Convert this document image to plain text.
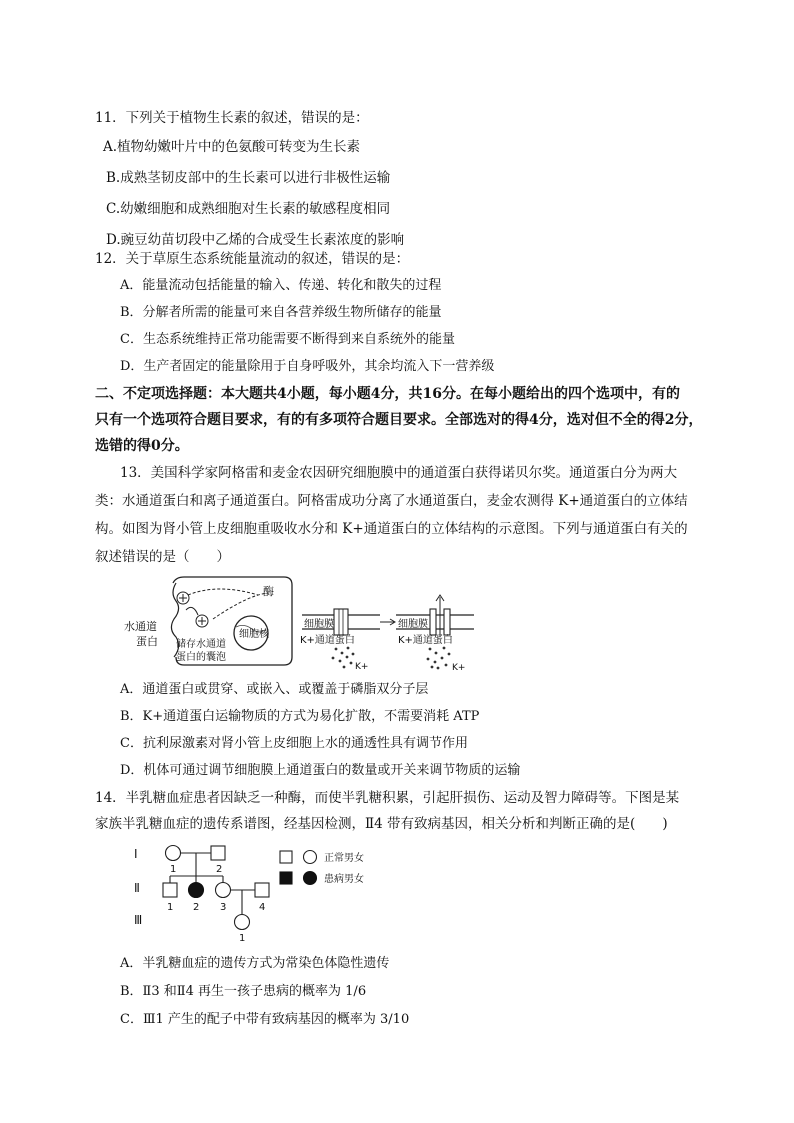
11．下列关于植物生长素的叙述，错误的是：
A.植物幼嫩叶片中的色氨酸可转变为生长素
B.成熟茎韧皮部中的生长素可以进行非极性运输
C.幼嫩细胞和成熟细胞对生长素的敏感程度相同
D.豌豆幼苗切段中乙烯的合成受生长素浓度的影响
12．关于草原生态系统能量流动的叙述，错误的是：
A．能量流动包括能量的输入、传递、转化和散失的过程
B．分解者所需的能量可来自各营养级生物所储存的能量
C．生态系统维持正常功能需要不断得到来自系统外的能量
D．生产者固定的能量除用于自身呼吸外，其余均流入下一营养级
二、不定项选择题：本大题共4小题，每小题4分，共16分。在每小题给出的四个选项中，有的
只有一个选项符合题目要求，有的有多项符合题目要求。全部选对的得4分，选对但不全的得2分，
选错的得0分。
13．美国科学家阿格雷和麦金农因研究细胞膜中的通道蛋白获得诺贝尔奖。通道蛋白分为两大
类：水通道蛋白和离子通道蛋白。阿格雷成功分离了水通道蛋白，麦金农测得 K+通道蛋白的立体结
构。如图为肾小管上皮细胞重吸收水分和 K+通道蛋白的立体结构的示意图。下列与通道蛋白有关的
叙述错误的是（　　）
细胞核
酶
水通道
蛋白 储存水通道
蛋白的囊泡
细胞膜
K+通道蛋白
K+
细胞膜
K+通道蛋白
K+
A．通道蛋白或贯穿、或嵌入、或覆盖于磷脂双分子层
B．K+通道蛋白运输物质的方式为易化扩散，不需要消耗 ATP
C．抗利尿激素对肾小管上皮细胞上水的通透性具有调节作用
D．机体可通过调节细胞膜上通道蛋白的数量或开关来调节物质的运输
14．半乳糖血症患者因缺乏一种酶，而使半乳糖积累，引起肝损伤、运动及智力障碍等。下图是某
家族半乳糖血症的遗传系谱图，经基因检测，Ⅱ4 带有致病基因，相关分析和判断正确的是(　　)
Ⅰ
Ⅱ
Ⅲ
1	2
1 2 3	4
1
正常男女
患病男女
A．半乳糖血症的遗传方式为常染色体隐性遗传
B．Ⅱ3 和Ⅱ4 再生一孩子患病的概率为 1/6
C．Ⅲ1 产生的配子中带有致病基因的概率为 3/10
